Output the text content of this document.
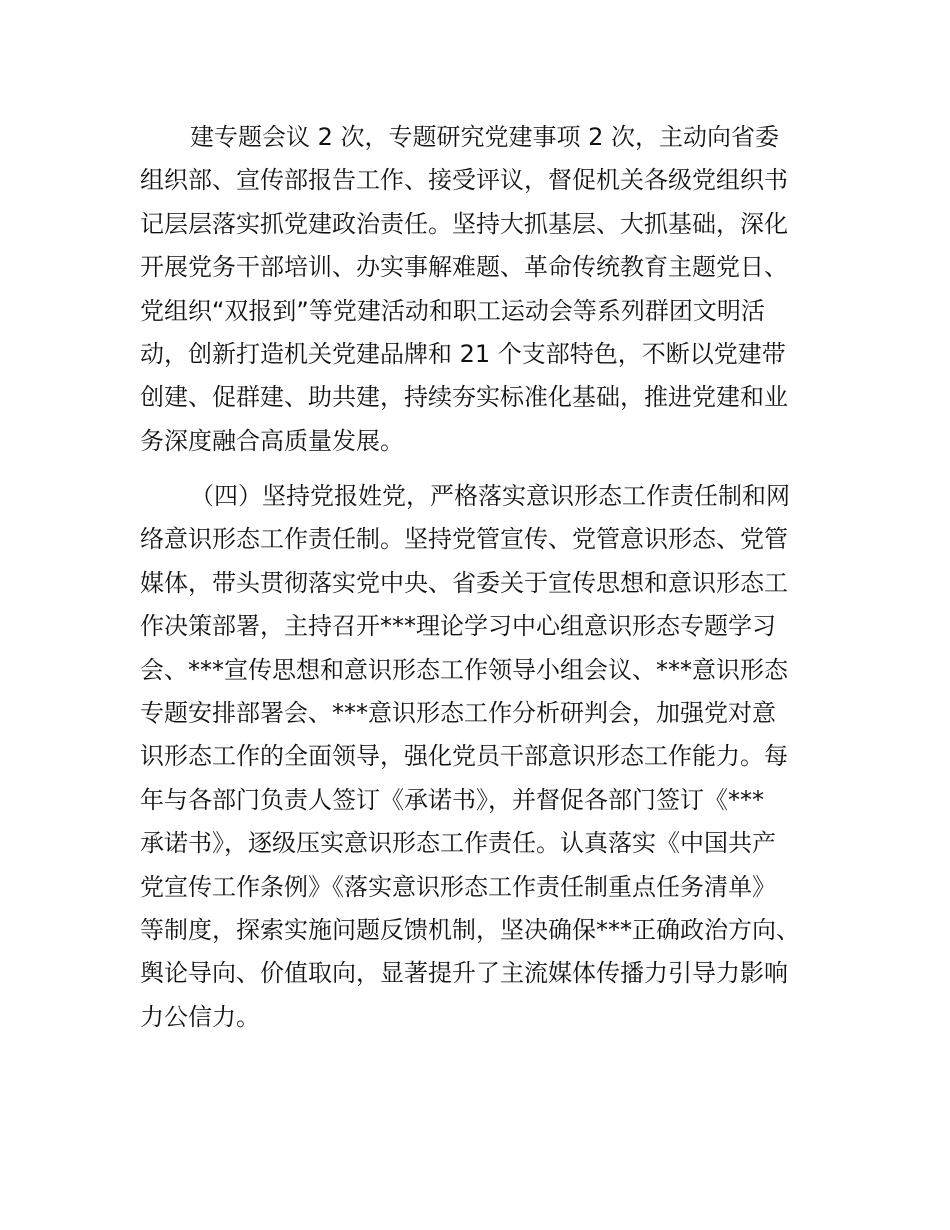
建专题会议 2 次，专题研究党建事项 2 次，主动向省委
组织部、宣传部报告工作、接受评议，督促机关各级党组织书
记层层落实抓党建政治责任。坚持大抓基层、大抓基础，深化
开展党务干部培训、办实事解难题、革命传统教育主题党日、
党组织“双报到”等党建活动和职工运动会等系列群团文明活
动，创新打造机关党建品牌和 21 个支部特色，不断以党建带
创建、促群建、助共建，持续夯实标准化基础，推进党建和业
务深度融合高质量发展。
（四）坚持党报姓党，严格落实意识形态工作责任制和网
络意识形态工作责任制。坚持党管宣传、党管意识形态、党管
媒体，带头贯彻落实党中央、省委关于宣传思想和意识形态工
作决策部署，主持召开***理论学习中心组意识形态专题学习
会、***宣传思想和意识形态工作领导小组会议、***意识形态
专题安排部署会、***意识形态工作分析研判会，加强党对意
识形态工作的全面领导，强化党员干部意识形态工作能力。每
年与各部门负责人签订《承诺书》，并督促各部门签订《***
承诺书》，逐级压实意识形态工作责任。认真落实《中国共产
党宣传工作条例》《落实意识形态工作责任制重点任务清单》
等制度，探索实施问题反馈机制，坚决确保***正确政治方向、
舆论导向、价值取向，显著提升了主流媒体传播力引导力影响
力公信力。
